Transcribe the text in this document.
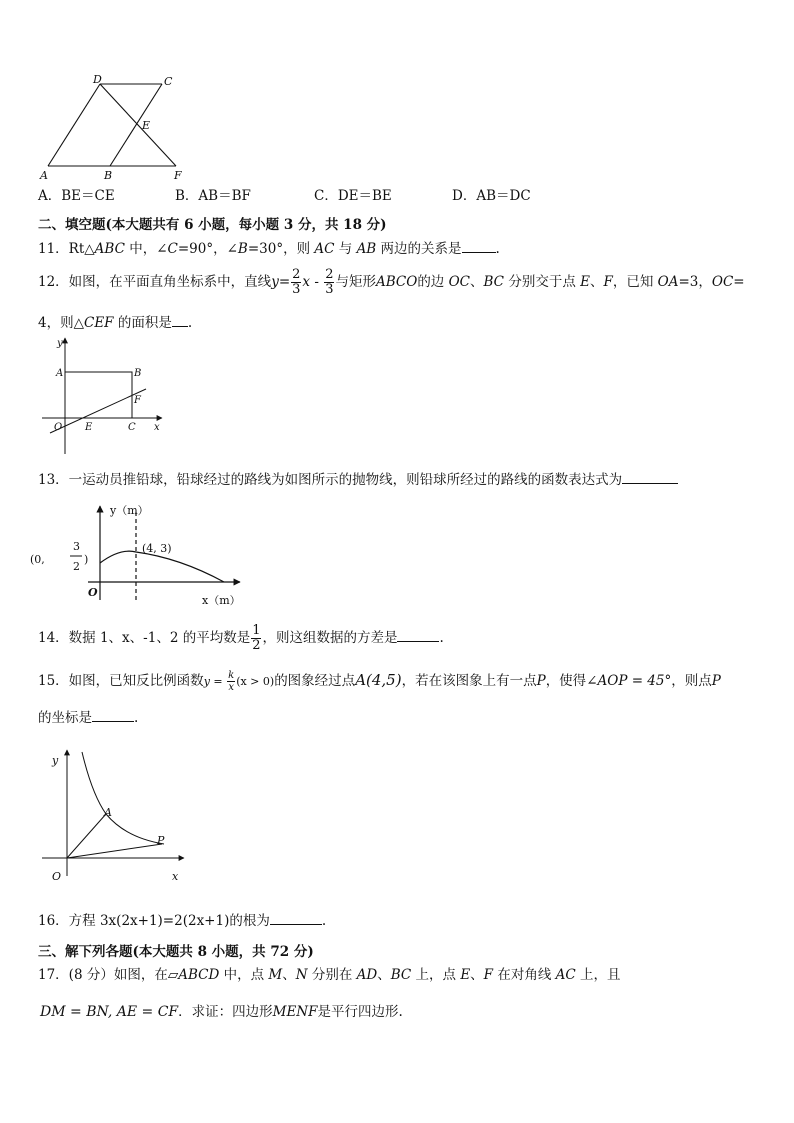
D	C
E
A	B	F
A．BE＝CE	B．AB＝BF	C．DE＝BE	D．AB＝DC
二、填空题(本大题共有 6 小题，每小题 3 分，共 18 分)
11．Rt△ABC 中，∠C=90°，∠B=30°，则 AC 与 AB 两边的关系是	.
12．如图，在平面直角坐标系中，直线$y= \frac{2}{3}$ x - $\frac{2}{3}$ 与矩形ABCO的边 OC、BC 分别交于点 E、F，已知 OA=3，OC=
4，则△CEF 的面积是 .
y
A	B
F
O E	C x
13．一运动员推铅球，铅球经过的路线为如图所示的抛物线，则铅球所经过的路线的函数表达式为
y（m）
(4, 3)
(0,
3
2
)
O
x（m）
14．数据 1、x、-1、2 的平均数是 $\frac{1}{2}$ ，则这组数据的方差是	.
15．如图，已知反比例函数$y = \frac{k}{x} (x > 0)$的图象经过点A(4,5)，若在该图象上有一点P，使得∠AOP = 45°，则点P
的坐标是	.
y
A
P
O	x
16．方程 3x(2x+1)=2(2x+1)的根为	.
三、解下列各题(本大题共 8 小题，共 72 分)
17．(8 分）如图，在▱ABCD 中，点 M、N 分别在 AD、BC 上，点 E、F 在对角线 AC 上，且
DM = BN, AE = CF．求证：四边形MENF是平行四边形.
